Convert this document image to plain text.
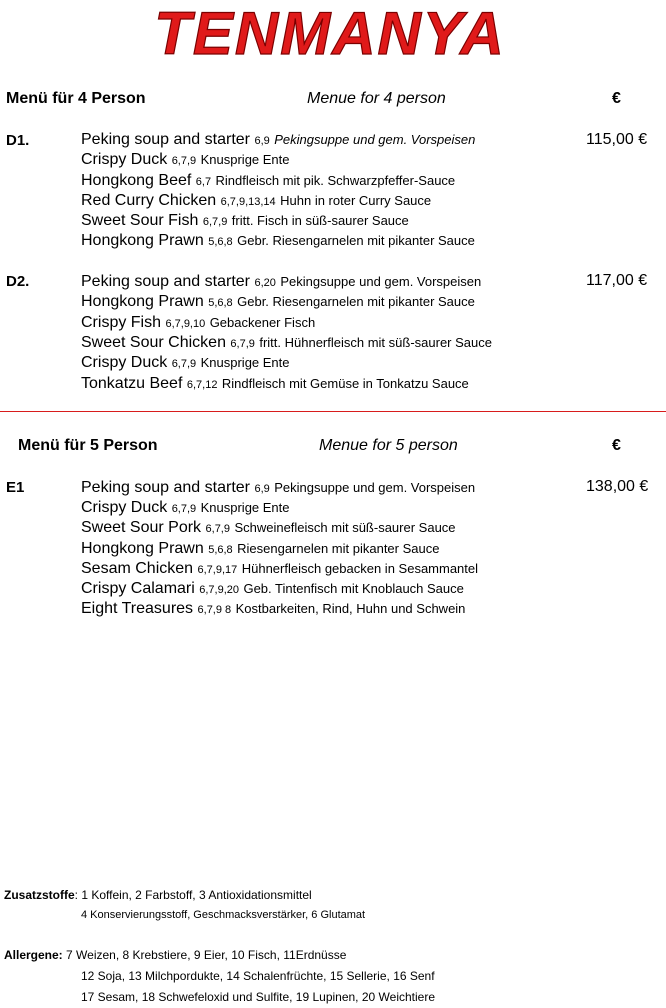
TENMANYA
Menü für 4 Person	Menue for 4 person	€
D1.	115,00 €
Peking soup and starter 6,9 Pekingsuppe und gem. Vorspeisen
Crispy Duck 6,7,9 Knusprige Ente
Hongkong Beef 6,7 Rindfleisch mit pik. Schwarzpfeffer-Sauce
Red Curry Chicken 6,7,9,13,14 Huhn in roter Curry Sauce
Sweet Sour Fish 6,7,9 fritt. Fisch in süß-saurer Sauce
Hongkong Prawn 5,6,8 Gebr. Riesengarnelen mit pikanter Sauce
D2.	117,00 €
Peking soup and starter 6,20 Pekingsuppe und gem. Vorspeisen
Hongkong Prawn 5,6,8 Gebr. Riesengarnelen mit pikanter Sauce
Crispy Fish 6,7,9,10 Gebackener Fisch
Sweet Sour Chicken 6,7,9 fritt. Hühnerfleisch mit süß-saurer Sauce
Crispy Duck 6,7,9 Knusprige Ente
Tonkatzu Beef 6,7,12 Rindfleisch mit Gemüse in Tonkatzu Sauce
Menü für 5 Person	Menue for 5 person	€
E1	138,00 €
Peking soup and starter 6,9 Pekingsuppe und gem. Vorspeisen
Crispy Duck 6,7,9 Knusprige Ente
Sweet Sour Pork 6,7,9 Schweinefleisch mit süß-saurer Sauce
Hongkong Prawn 5,6,8 Riesengarnelen mit pikanter Sauce
Sesam Chicken 6,7,9,17 Hühnerfleisch gebacken in Sesammantel
Crispy Calamari 6,7,9,20 Geb. Tintenfisch mit Knoblauch Sauce
Eight Treasures 6,7,9 8 Kostbarkeiten, Rind, Huhn und Schwein
Zusatzstoffe: 1 Koffein, 2 Farbstoff, 3 Antioxidationsmittel
4 Konservierungsstoff, Geschmacksverstärker, 6 Glutamat
Allergene: 7 Weizen, 8 Krebstiere, 9 Eier, 10 Fisch, 11Erdnüsse
12 Soja, 13 Milchpordukte, 14 Schalenfrüchte, 15 Sellerie, 16 Senf
17 Sesam, 18 Schwefeloxid und Sulfite, 19 Lupinen, 20 Weichtiere
